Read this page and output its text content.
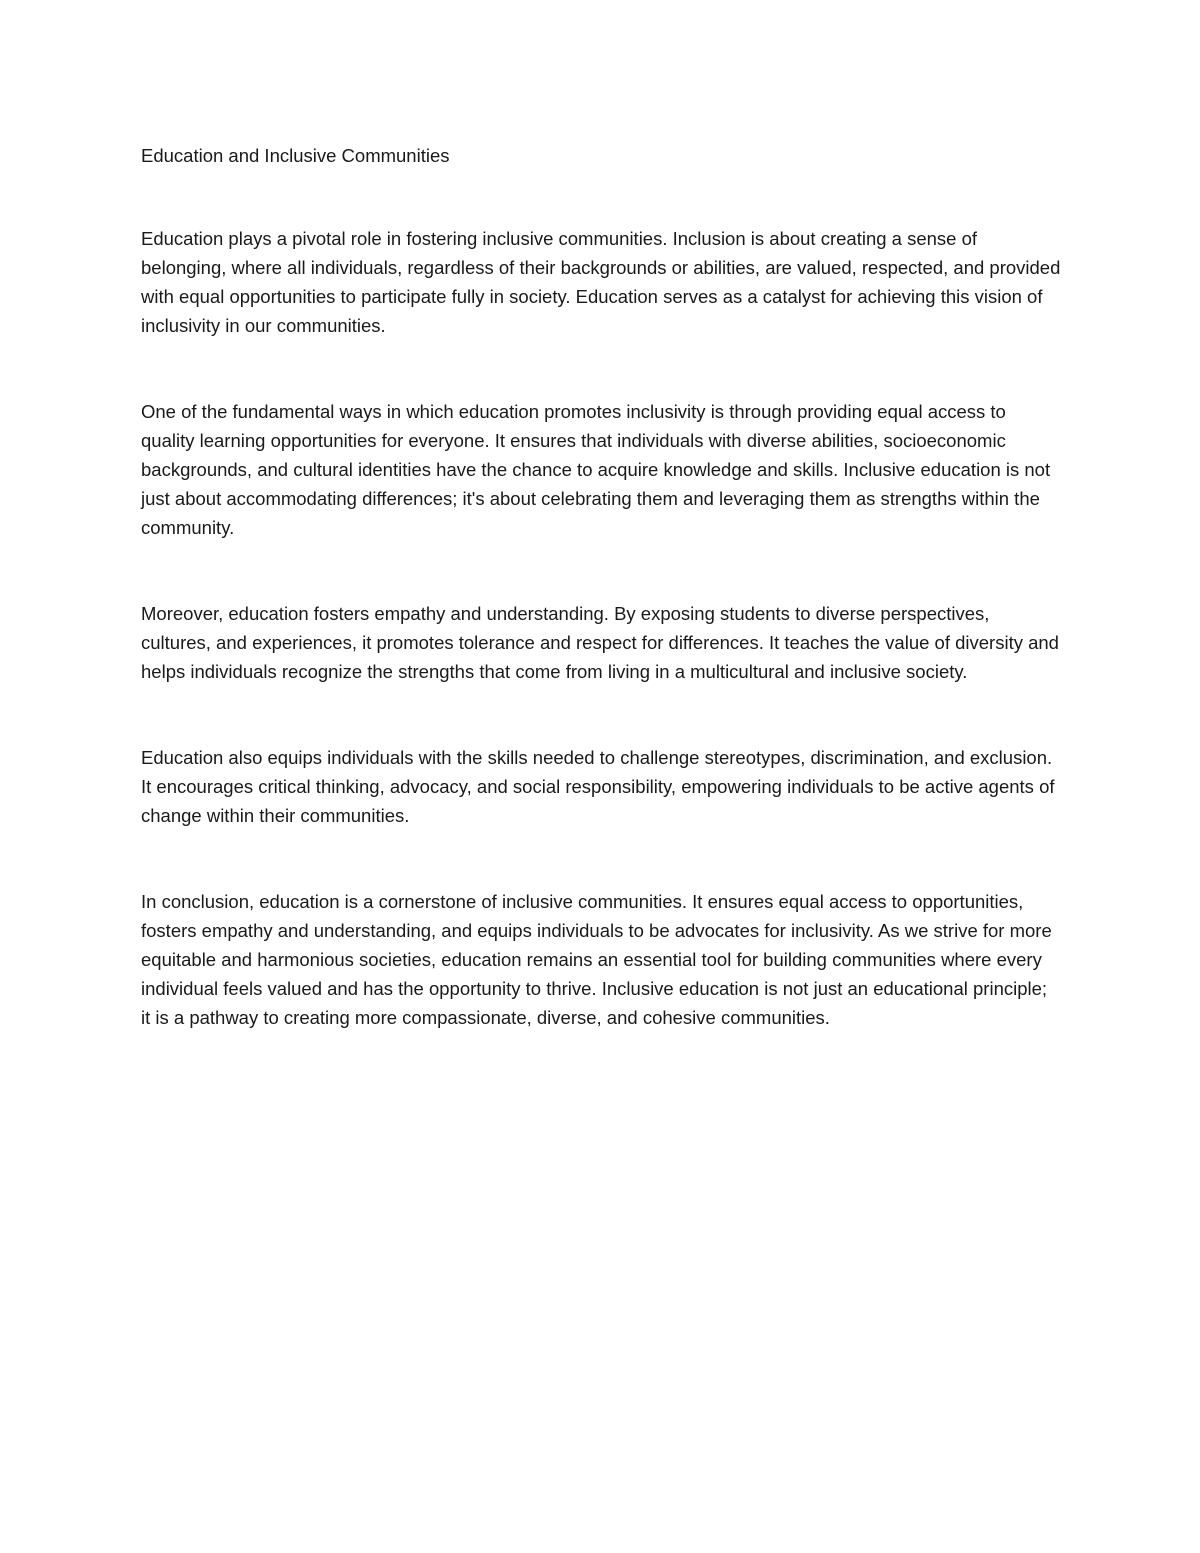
Education and Inclusive Communities

Education plays a pivotal role in fostering inclusive communities. Inclusion is about creating a sense of belonging, where all individuals, regardless of their backgrounds or abilities, are valued, respected, and provided with equal opportunities to participate fully in society. Education serves as a catalyst for achieving this vision of inclusivity in our communities.

One of the fundamental ways in which education promotes inclusivity is through providing equal access to quality learning opportunities for everyone. It ensures that individuals with diverse abilities, socioeconomic backgrounds, and cultural identities have the chance to acquire knowledge and skills. Inclusive education is not just about accommodating differences; it's about celebrating them and leveraging them as strengths within the community.

Moreover, education fosters empathy and understanding. By exposing students to diverse perspectives, cultures, and experiences, it promotes tolerance and respect for differences. It teaches the value of diversity and helps individuals recognize the strengths that come from living in a multicultural and inclusive society.

Education also equips individuals with the skills needed to challenge stereotypes, discrimination, and exclusion. It encourages critical thinking, advocacy, and social responsibility, empowering individuals to be active agents of change within their communities.

In conclusion, education is a cornerstone of inclusive communities. It ensures equal access to opportunities, fosters empathy and understanding, and equips individuals to be advocates for inclusivity. As we strive for more equitable and harmonious societies, education remains an essential tool for building communities where every individual feels valued and has the opportunity to thrive. Inclusive education is not just an educational principle; it is a pathway to creating more compassionate, diverse, and cohesive communities.
